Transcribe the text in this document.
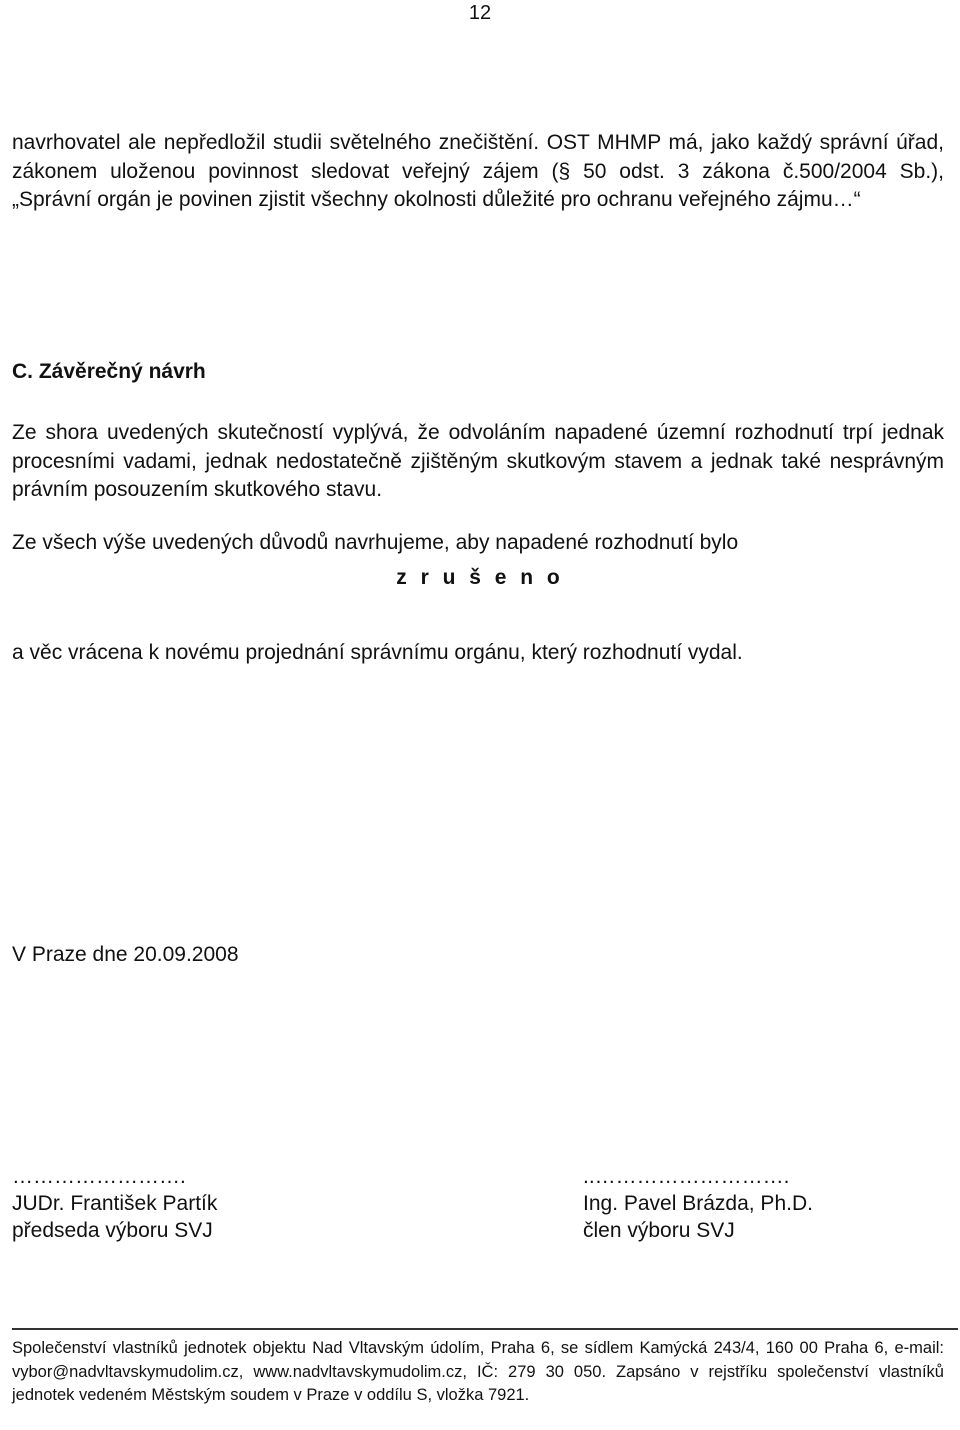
12

navrhovatel ale nepředložil studii světelného znečištění. OST MHMP má, jako každý správní úřad, zákonem uloženou povinnost sledovat veřejný zájem (§ 50 odst. 3 zákona č.500/2004 Sb.), „Správní orgán je povinen zjistit všechny okolnosti důležité pro ochranu veřejného zájmu…“

C. Závěrečný návrh

Ze shora uvedených skutečností vyplývá, že odvoláním napadené územní rozhodnutí trpí jednak procesními vadami, jednak nedostatečně zjištěným skutkovým stavem a jednak také nesprávným právním posouzením skutkového stavu.

Ze všech výše uvedených důvodů navrhujeme, aby napadené rozhodnutí bylo

z r u š e n o

a věc vrácena k novému projednání správnímu orgánu, který rozhodnutí vydal.

V Praze dne 20.09.2008
…………………….
JUDr. František Partík
předseda výboru SVJ
..……………………….
Ing. Pavel Brázda, Ph.D.
člen výboru SVJ
Společenství vlastníků jednotek objektu Nad Vltavským údolím, Praha 6, se sídlem Kamýcká 243/4, 160 00 Praha 6, e-mail: vybor@nadvltavskymudolim.cz, www.nadvltavskymudolim.cz, IČ: 279 30 050. Zapsáno v rejstříku společenství vlastníků jednotek vedeném Městským soudem v Praze v oddílu S, vložka 7921.
